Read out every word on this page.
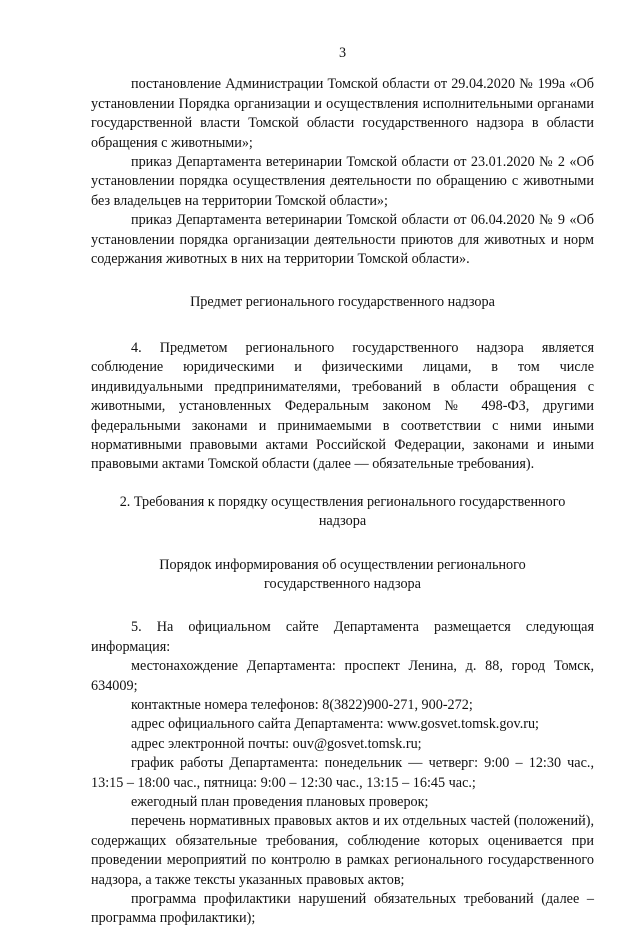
3

постановление Администрации Томской области от 29.04.2020 № 199а «Об установлении Порядка организации и осуществления исполнительными органами государственной власти Томской области государственного надзора в области обращения с животными»;

приказ Департамента ветеринарии Томской области от 23.01.2020 № 2 «Об установлении порядка осуществления деятельности по обращению с животными без владельцев на территории Томской области»;

приказ Департамента ветеринарии Томской области от 06.04.2020 № 9 «Об установлении порядка организации деятельности приютов для животных и норм содержания животных в них на территории Томской области».

Предмет регионального государственного надзора

4. Предметом регионального государственного надзора является соблюдение юридическими и физическими лицами, в том числе индивидуальными предпринимателями, требований в области обращения с животными, установленных Федеральным законом № 498-ФЗ, другими федеральными законами и принимаемыми в соответствии с ними иными нормативными правовыми актами Российской Федерации, законами и иными правовыми актами Томской области (далее — обязательные требования).

2. Требования к порядку осуществления регионального государственного

надзора

Порядок информирования об осуществлении регионального

государственного надзора

5. На официальном сайте Департамента размещается следующая информация:

местонахождение Департамента: проспект Ленина, д. 88, город Томск, 634009;

контактные номера телефонов: 8(3822)900-271, 900-272;

адрес официального сайта Департамента: www.gosvet.tomsk.gov.ru;

адрес электронной почты: ouv@gosvet.tomsk.ru;

график работы Департамента: понедельник — четверг: 9:00 – 12:30 час., 13:15 – 18:00 час., пятница: 9:00 – 12:30 час., 13:15 – 16:45 час.;

ежегодный план проведения плановых проверок;

перечень нормативных правовых актов и их отдельных частей (положений), содержащих обязательные требования, соблюдение которых оценивается при проведении мероприятий по контролю в рамках регионального государственного надзора, а также тексты указанных правовых актов;

программа профилактики нарушений обязательных требований (далее – программа профилактики);
